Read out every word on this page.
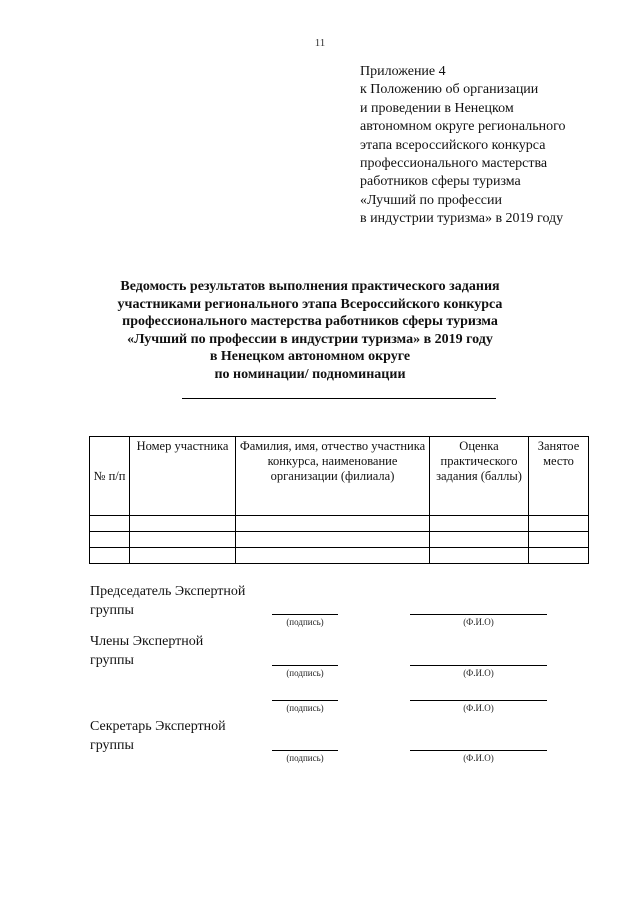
11
Приложение 4
к Положению об организации
и проведении в Ненецком
автономном округе регионального
этапа всероссийского конкурса
профессионального мастерства
работников сферы туризма
«Лучший по профессии
в индустрии туризма» в 2019 году
Ведомость результатов выполнения практического задания
участниками регионального этапа Всероссийского конкурса
профессионального мастерства работников сферы туризма
«Лучший по профессии в индустрии туризма» в 2019 году
в Ненецком автономном округе
по номинации/ подноминации
№ п/п	Номер участника	Фамилия, имя, отчество участника конкурса, наименование организации (филиала)	Оценка практического задания (баллы)	Занятое место

Председатель Экспертной
группы
(подпись)	(Ф.И.О)
Члены Экспертной
группы
(подпись)	(Ф.И.О)
(подпись)	(Ф.И.О)
Секретарь Экспертной
группы
(подпись)	(Ф.И.О)
